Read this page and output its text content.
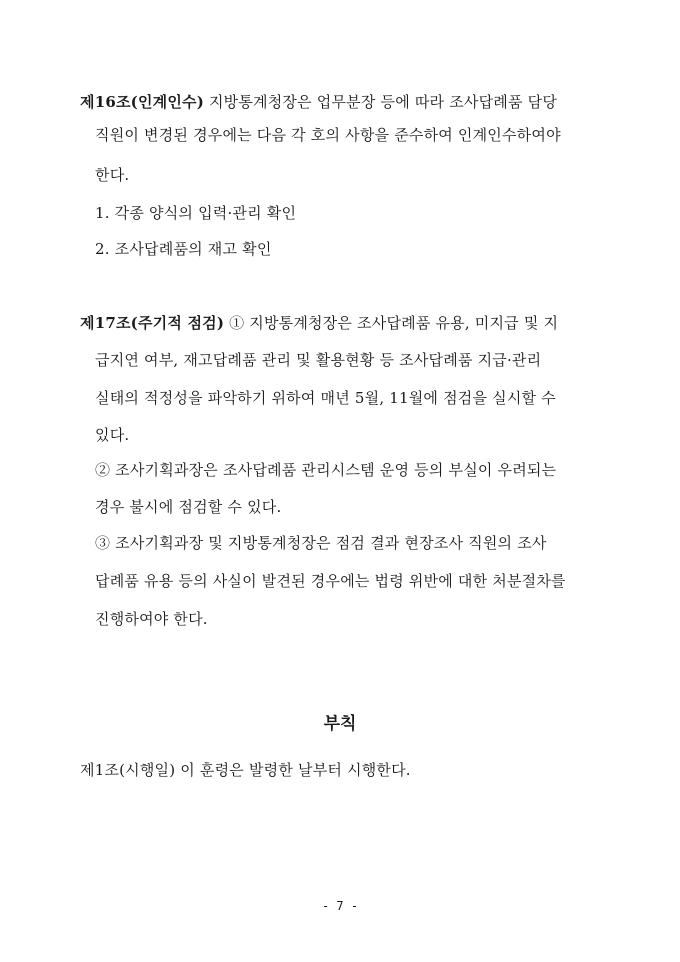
제16조(인계인수) 지방통계청장은 업무분장 등에 따라 조사답례품 담당
직원이 변경된 경우에는 다음 각 호의 사항을 준수하여 인계인수하여야
한다.
1. 각종 양식의 입력·관리 확인
2. 조사답례품의 재고 확인
제17조(주기적 점검) ① 지방통계청장은 조사답례품 유용, 미지급 및 지
급지연 여부, 재고답례품 관리 및 활용현황 등 조사답례품 지급·관리
실태의 적정성을 파악하기 위하여 매년 5월, 11월에 점검을 실시할 수
있다.
② 조사기획과장은 조사답례품 관리시스템 운영 등의 부실이 우려되는
경우 불시에 점검할 수 있다.
③ 조사기획과장 및 지방통계청장은 점검 결과 현장조사 직원의 조사
답례품 유용 등의 사실이 발견된 경우에는 법령 위반에 대한 처분절차를
진행하여야 한다.
부칙
제1조(시행일) 이 훈령은 발령한 날부터 시행한다.
- 7 -
